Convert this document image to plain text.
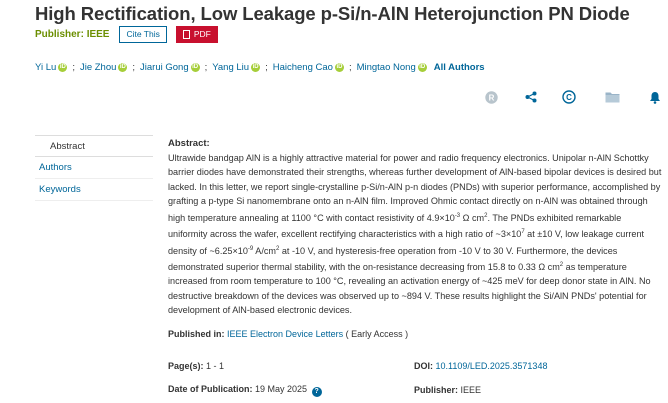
High Rectification, Low Leakage p-Si/n-AlN Heterojunction PN Diode
Publisher: IEEE	Cite This	PDF
Yi Lu iD ; Jie Zhou iD ; Jiarui Gong iD ; Yang Liu iD ; Haicheng Cao iD ; Mingtao Nong iD All Authors
R	C
Abstract
Authors
Keywords
Abstract:
Ultrawide bandgap AlN is a highly attractive material for power and radio frequency electronics. Unipolar n-AlN Schottky barrier diodes have demonstrated their strengths, whereas further development of AlN-based bipolar devices is desired but lacked. In this letter, we report single-crystalline p-Si/n-AlN p-n diodes (PNDs) with superior performance, accomplished by grafting a p-type Si nanomembrane onto an n-AlN film. Improved Ohmic contact directly on n-AlN was obtained through high temperature annealing at 1100 °C with contact resistivity of $4.9\times 10^{-3}$ Ω $cm^2$. The PNDs exhibited remarkable uniformity across the wafer, excellent rectifying characteristics with a high ratio of $\sim 3\times 10^7$ at ±10 V, low leakage current density of $\sim 6.25\times 10^{-9}$ $A/cm^2$ at -10 V, and hysteresis-free operation from -10 V to 30 V. Furthermore, the devices demonstrated superior thermal stability, with the on-resistance decreasing from 15.8 to 0.33 Ω $cm^2$ as temperature increased from room temperature to 100 °C, revealing an activation energy of ~425 meV for deep donor state in AlN. No destructive breakdown of the devices was observed up to ~894 V. These results highlight the Si/AlN PNDs' potential for development of AlN-based electronic devices.
Published in: IEEE Electron Device Letters ( Early Access )
Page(s): 1 - 1	DOI: 10.1109/LED.2025.3571348
Date of Publication: 19 May 2025 ?	Publisher: IEEE
